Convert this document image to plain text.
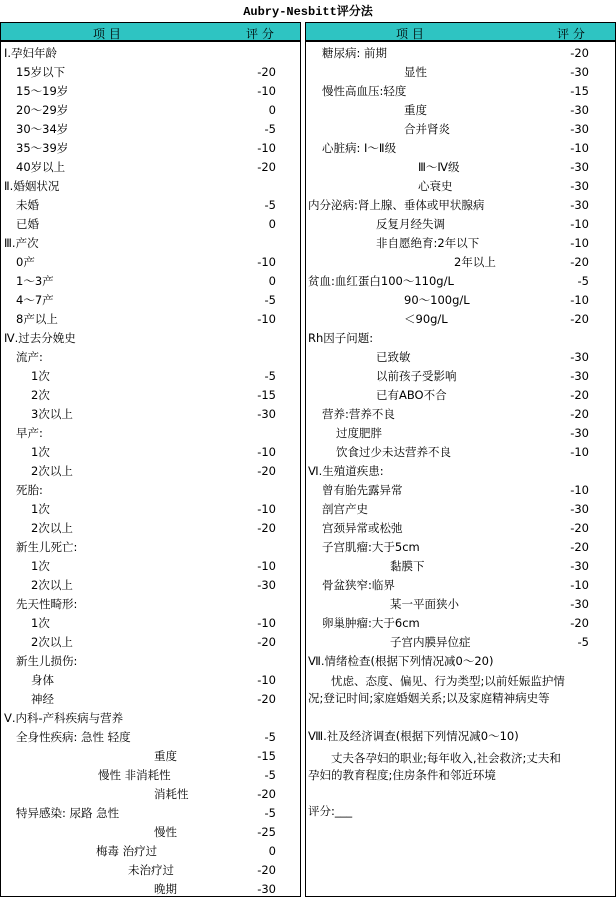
Aubry-Nesbitt评分法
项 目	评 分	项 目	评 分
Ⅰ.孕妇年龄
15岁以下	-20
15～19岁	-10
20～29岁	0
30～34岁	-5
35～39岁	-10
40岁以上	-20
Ⅱ.婚姻状况
未婚	-5
已婚	0
Ⅲ.产次
0产	-10
1～3产	0
4～7产	-5
8产以上	-10
Ⅳ.过去分娩史
流产:
1次	-5
2次	-15
3次以上	-30
早产:
1次	-10
2次以上	-20
死胎:
1次	-10
2次以上	-20
新生儿死亡:
1次	-10
2次以上	-30
先天性畸形:
1次	-10
2次以上	-20
新生儿损伤:
身体	-10
神经	-20
Ⅴ.内科-产科疾病与营养
全身性疾病: 急性 轻度	-5
重度	-15
慢性 非消耗性	-5
消耗性	-20
特异感染: 尿路 急性	-5
慢性	-25
梅毒 治疗过	0
未治疗过	-20
晚期	-30
糖尿病: 前期	-20
显性	-30
慢性高血压:轻度	-15
重度	-30
合并肾炎	-30
心脏病: Ⅰ～Ⅱ级	-10
Ⅲ～Ⅳ级	-30
心衰史	-30
内分泌病:肾上腺、垂体或甲状腺病	-30
反复月经失调	-10
非自愿绝育:2年以下	-10
2年以上	-20
贫血:血红蛋白100～110g/L	-5
90～100g/L	-10
＜90g/L	-20
Rh因子问题:
已致敏	-30
以前孩子受影响	-30
已有ABO不合	-20
营养:营养不良	-20
过度肥胖	-30
饮食过少未达营养不良	-10
Ⅵ.生殖道疾患:
曾有胎先露异常	-10
剖宫产史	-30
宫颈异常或松弛	-20
子宫肌瘤:大于5cm	-20
黏膜下	-30
骨盆狭窄:临界	-10
某一平面狭小	-30
卵巢肿瘤:大于6cm	-20
子宫内膜异位症	-5
Ⅶ.情绪检查(根据下列情况减0～20)
忧虑、态度、偏见、行为类型;以前妊娠监护情况;登记时间;家庭婚姻关系;以及家庭精神病史等
Ⅷ.社及经济调查(根据下列情况减0～10)
丈夫各孕妇的职业;每年收入,社会救济;丈夫和孕妇的教育程度;住房条件和邻近环境
评分:___
